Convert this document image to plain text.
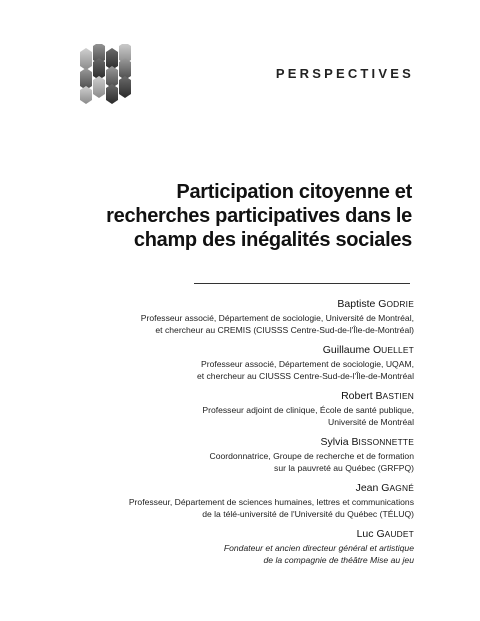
PERSPECTIVES
Participation citoyenne et
recherches participatives dans le
champ des inégalités sociales
Baptiste GODRIE
Professeur associé, Département de sociologie, Université de Montréal,
et chercheur au CREMIS (CIUSSS Centre-Sud-de-l'Île-de-Montréal)
Guillaume OUELLET
Professeur associé, Département de sociologie, UQAM,
et chercheur au CIUSSS Centre-Sud-de-l'Île-de-Montréal
Robert BASTIEN
Professeur adjoint de clinique, École de santé publique,
Université de Montréal
Sylvia BISSONNETTE
Coordonnatrice, Groupe de recherche et de formation
sur la pauvreté au Québec (GRFPQ)
Jean GAGNÉ
Professeur, Département de sciences humaines, lettres et communications
de la télé-université de l'Université du Québec (TÉLUQ)
Luc GAUDET
Fondateur et ancien directeur général et artistique
de la compagnie de théâtre Mise au jeu
